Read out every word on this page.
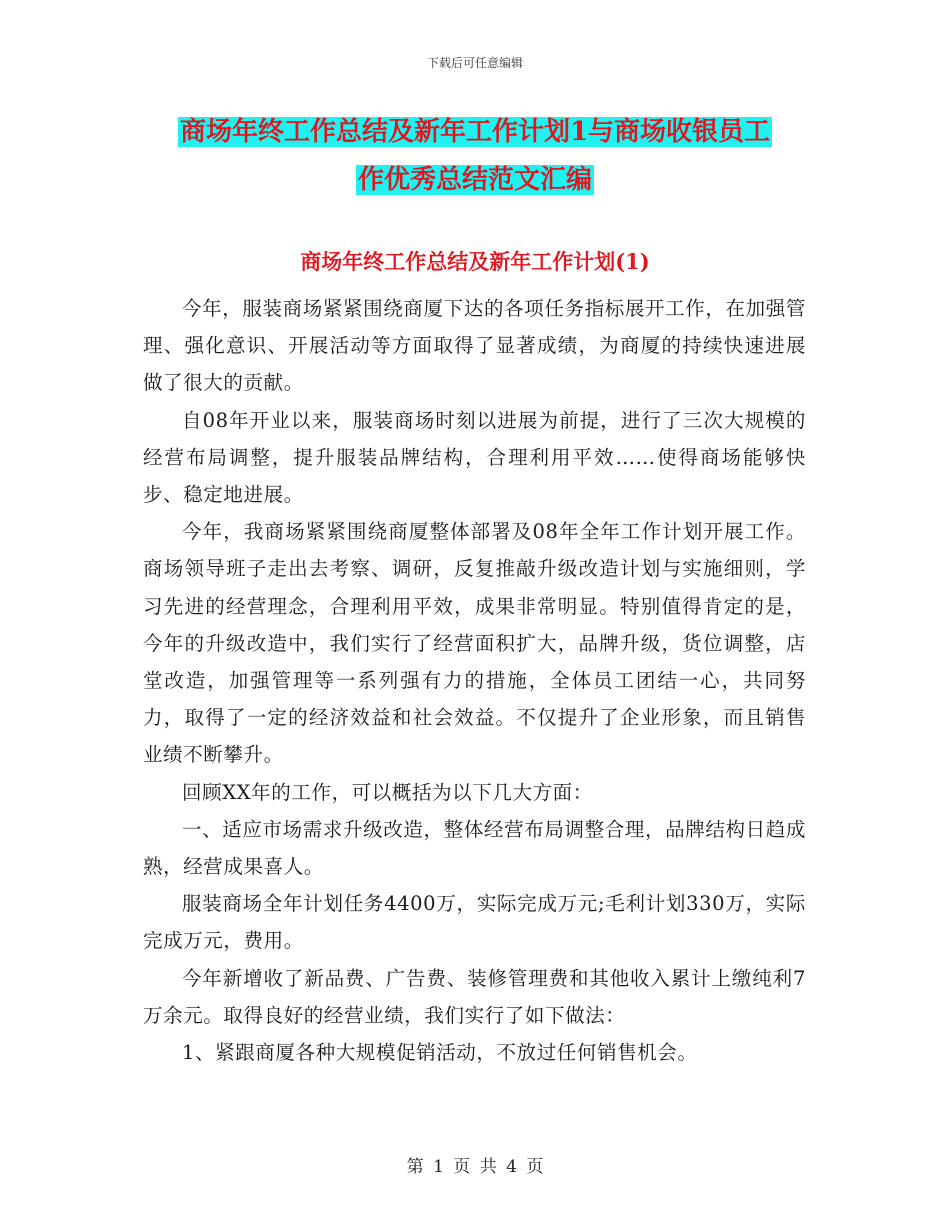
下载后可任意编辑
商场年终工作总结及新年工作计划1与商场收银员工
作优秀总结范文汇编
商场年终工作总结及新年工作计划(1)

今年，服装商场紧紧围绕商厦下达的各项任务指标展开工作，在加强管理、强化意识、开展活动等方面取得了显著成绩，为商厦的持续快速进展做了很大的贡献。

自08年开业以来，服装商场时刻以进展为前提，进行了三次大规模的经营布局调整，提升服装品牌结构，合理利用平效……使得商场能够快步、稳定地进展。

今年，我商场紧紧围绕商厦整体部署及08年全年工作计划开展工作。商场领导班子走出去考察、调研，反复推敲升级改造计划与实施细则，学习先进的经营理念，合理利用平效，成果非常明显。特别值得肯定的是，今年的升级改造中，我们实行了经营面积扩大，品牌升级，货位调整，店堂改造，加强管理等一系列强有力的措施，全体员工团结一心，共同努力，取得了一定的经济效益和社会效益。不仅提升了企业形象，而且销售业绩不断攀升。

回顾XX年的工作，可以概括为以下几大方面：

一、适应市场需求升级改造，整体经营布局调整合理，品牌结构日趋成熟，经营成果喜人。

服装商场全年计划任务4400万，实际完成万元;毛利计划330万，实际完成万元，费用。

今年新增收了新品费、广告费、装修管理费和其他收入累计上缴纯利7万余元。取得良好的经营业绩，我们实行了如下做法：

1、紧跟商厦各种大规模促销活动，不放过任何销售机会。

第 1 页 共 4 页
